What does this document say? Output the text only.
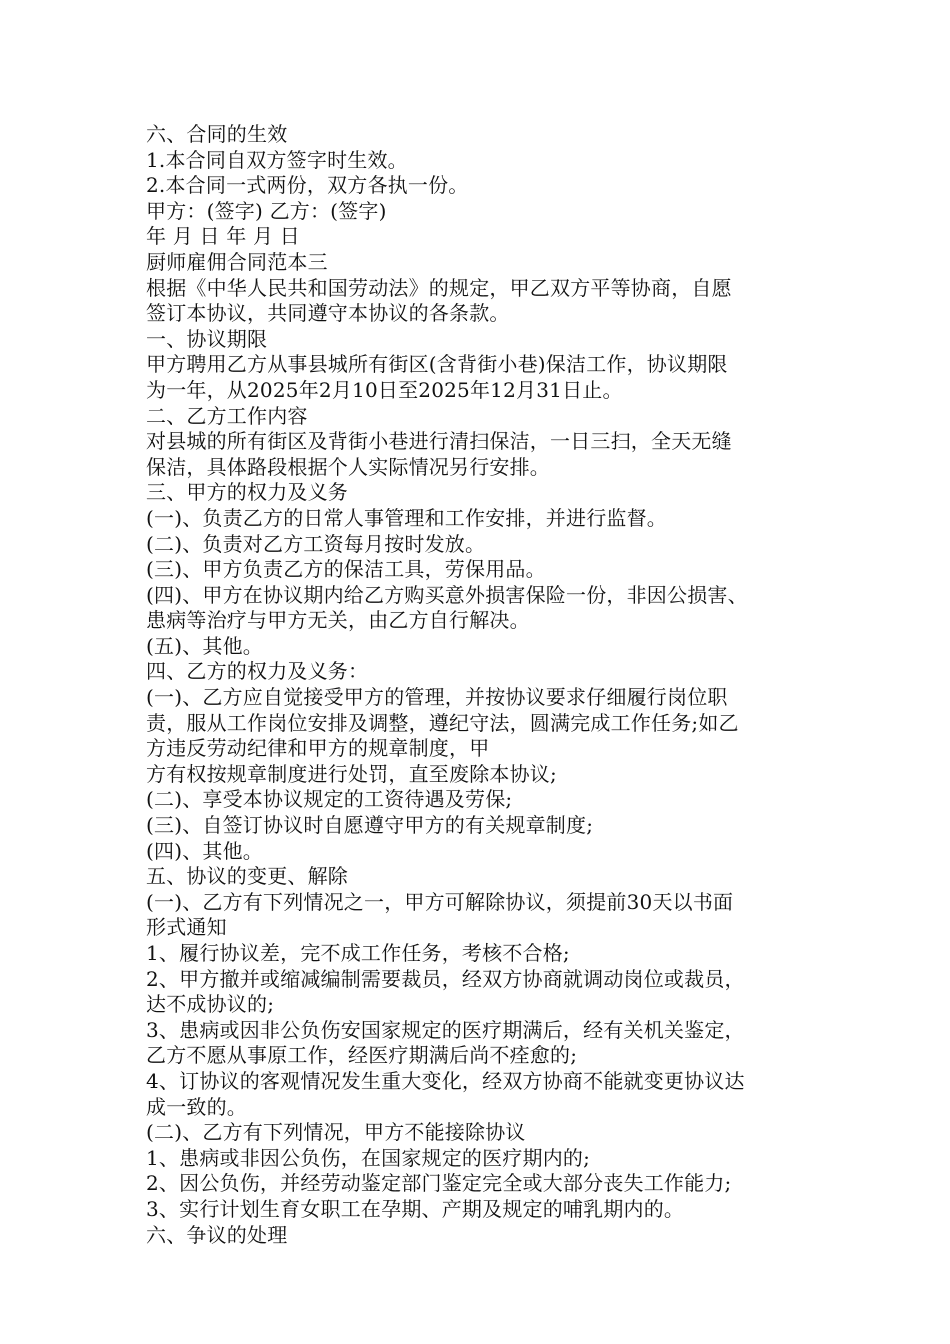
六、合同的生效
1.本合同自双方签字时生效。
2.本合同一式两份，双方各执一份。
甲方：(签字) 乙方：(签字)
年 月 日 年 月 日
厨师雇佣合同范本三
根据《中华人民共和国劳动法》的规定，甲乙双方平等协商，自愿
签订本协议，共同遵守本协议的各条款。
一、协议期限
甲方聘用乙方从事县城所有街区(含背街小巷)保洁工作，协议期限
为一年，从2025年2月10日至2025年12月31日止。
二、乙方工作内容
对县城的所有街区及背街小巷进行清扫保洁，一日三扫，全天无缝
保洁，具体路段根据个人实际情况另行安排。
三、甲方的权力及义务
(一)、负责乙方的日常人事管理和工作安排，并进行监督。
(二)、负责对乙方工资每月按时发放。
(三)、甲方负责乙方的保洁工具，劳保用品。
(四)、甲方在协议期内给乙方购买意外损害保险一份，非因公损害、
患病等治疗与甲方无关，由乙方自行解决。
(五)、其他。
四、乙方的权力及义务：
(一)、乙方应自觉接受甲方的管理，并按协议要求仔细履行岗位职
责，服从工作岗位安排及调整，遵纪守法，圆满完成工作任务;如乙
方违反劳动纪律和甲方的规章制度，甲
方有权按规章制度进行处罚，直至废除本协议;
(二)、享受本协议规定的工资待遇及劳保;
(三)、自签订协议时自愿遵守甲方的有关规章制度;
(四)、其他。
五、协议的变更、解除
(一)、乙方有下列情况之一，甲方可解除协议，须提前30天以书面
形式通知
1、履行协议差，完不成工作任务，考核不合格;
2、甲方撤并或缩减编制需要裁员，经双方协商就调动岗位或裁员，
达不成协议的;
3、患病或因非公负伤安国家规定的医疗期满后，经有关机关鉴定，
乙方不愿从事原工作，经医疗期满后尚不痊愈的;
4、订协议的客观情况发生重大变化，经双方协商不能就变更协议达
成一致的。
(二)、乙方有下列情况，甲方不能接除协议
1、患病或非因公负伤，在国家规定的医疗期内的;
2、因公负伤，并经劳动鉴定部门鉴定完全或大部分丧失工作能力;
3、实行计划生育女职工在孕期、产期及规定的哺乳期内的。
六、争议的处理
